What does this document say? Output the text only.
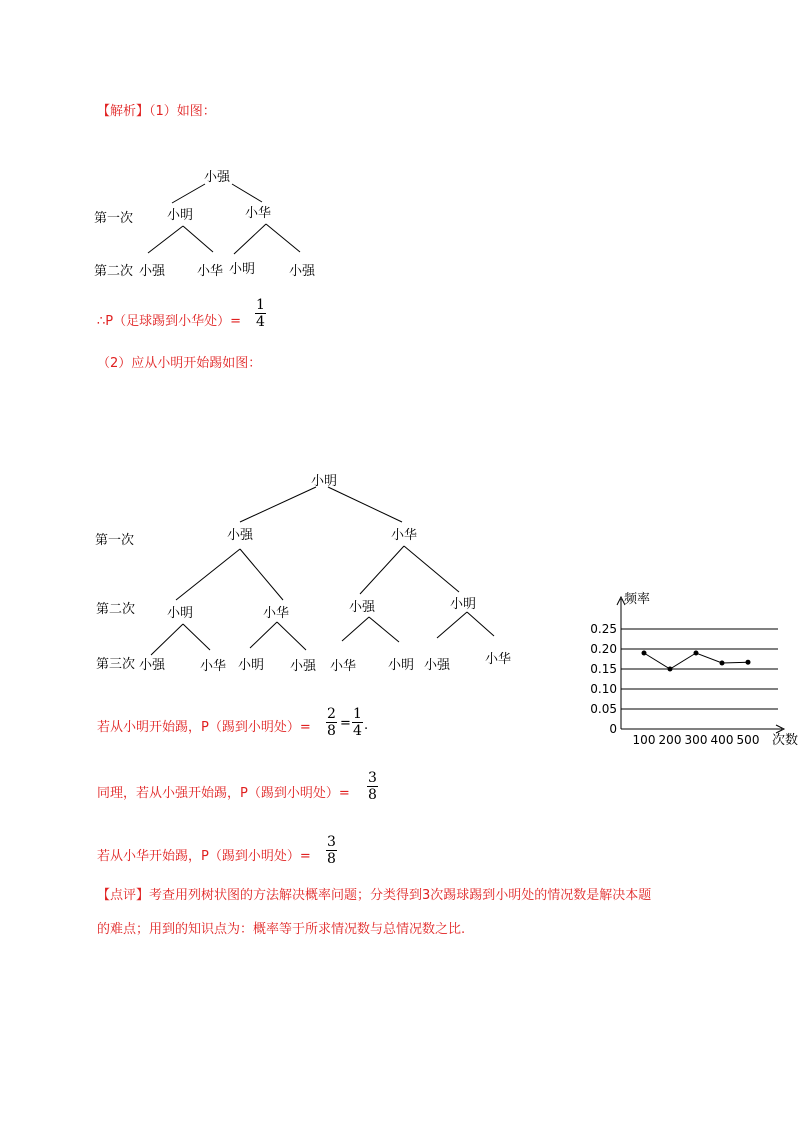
【解析】（1）如图：
小强
第一次	小明	小华
第二次 小强 小华 小明	小强
∴P（足球踢到小华处）=
1
4
（2）应从小明开始踢如图：
小明
第一次	小强	小华
第二次 小明	小华	小强	小明
第三次 小强	小华 小明 小强 小华 小明 小强	小华
若从小明开始踢，P（踢到小明处）=
2
8 =
1
4 .
同理，若从小强开始踢，P（踢到小明处）=
3
8
若从小华开始踢，P（踢到小明处）=
3
8
【点评】考查用列树状图的方法解决概率问题；分类得到3次踢球踢到小明处的情况数是解决本题
的难点；用到的知识点为：概率等于所求情况数与总情况数之比.
0
0.05
0.10
0.15
0.20
0.25
100 200 300 400 500
频率
次数
